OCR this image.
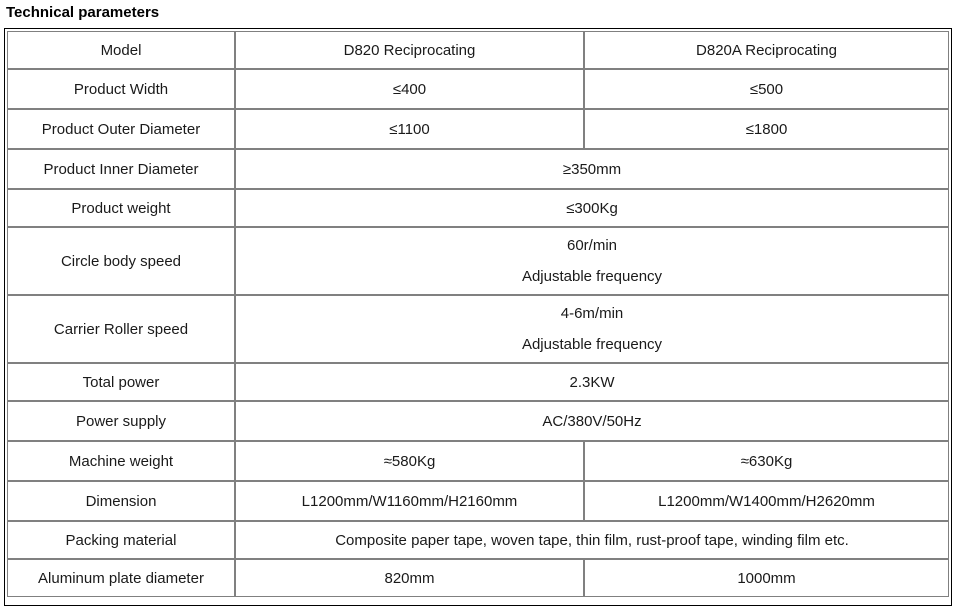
Technical parameters
Model	D820 Reciprocating	D820A Reciprocating
Product Width	≤400	≤500
Product Outer Diameter	≤1100	≤1800
Product Inner Diameter	≥350mm	
Product weight	≤300Kg	
Circle body speed	60r/min
Adjustable frequency	

Carrier Roller speed	4-6m/min
Adjustable frequency	

Total power	2.3KW	
Power supply	AC/380V/50Hz	
Machine weight	≈580Kg	≈630Kg
Dimension	L1200mm/W1160mm/H2160mm	L1200mm/W1400mm/H2620mm
Packing material	Composite paper tape, woven tape, thin film, rust-proof tape, winding film etc.	
Aluminum plate diameter	820mm	1000mm
